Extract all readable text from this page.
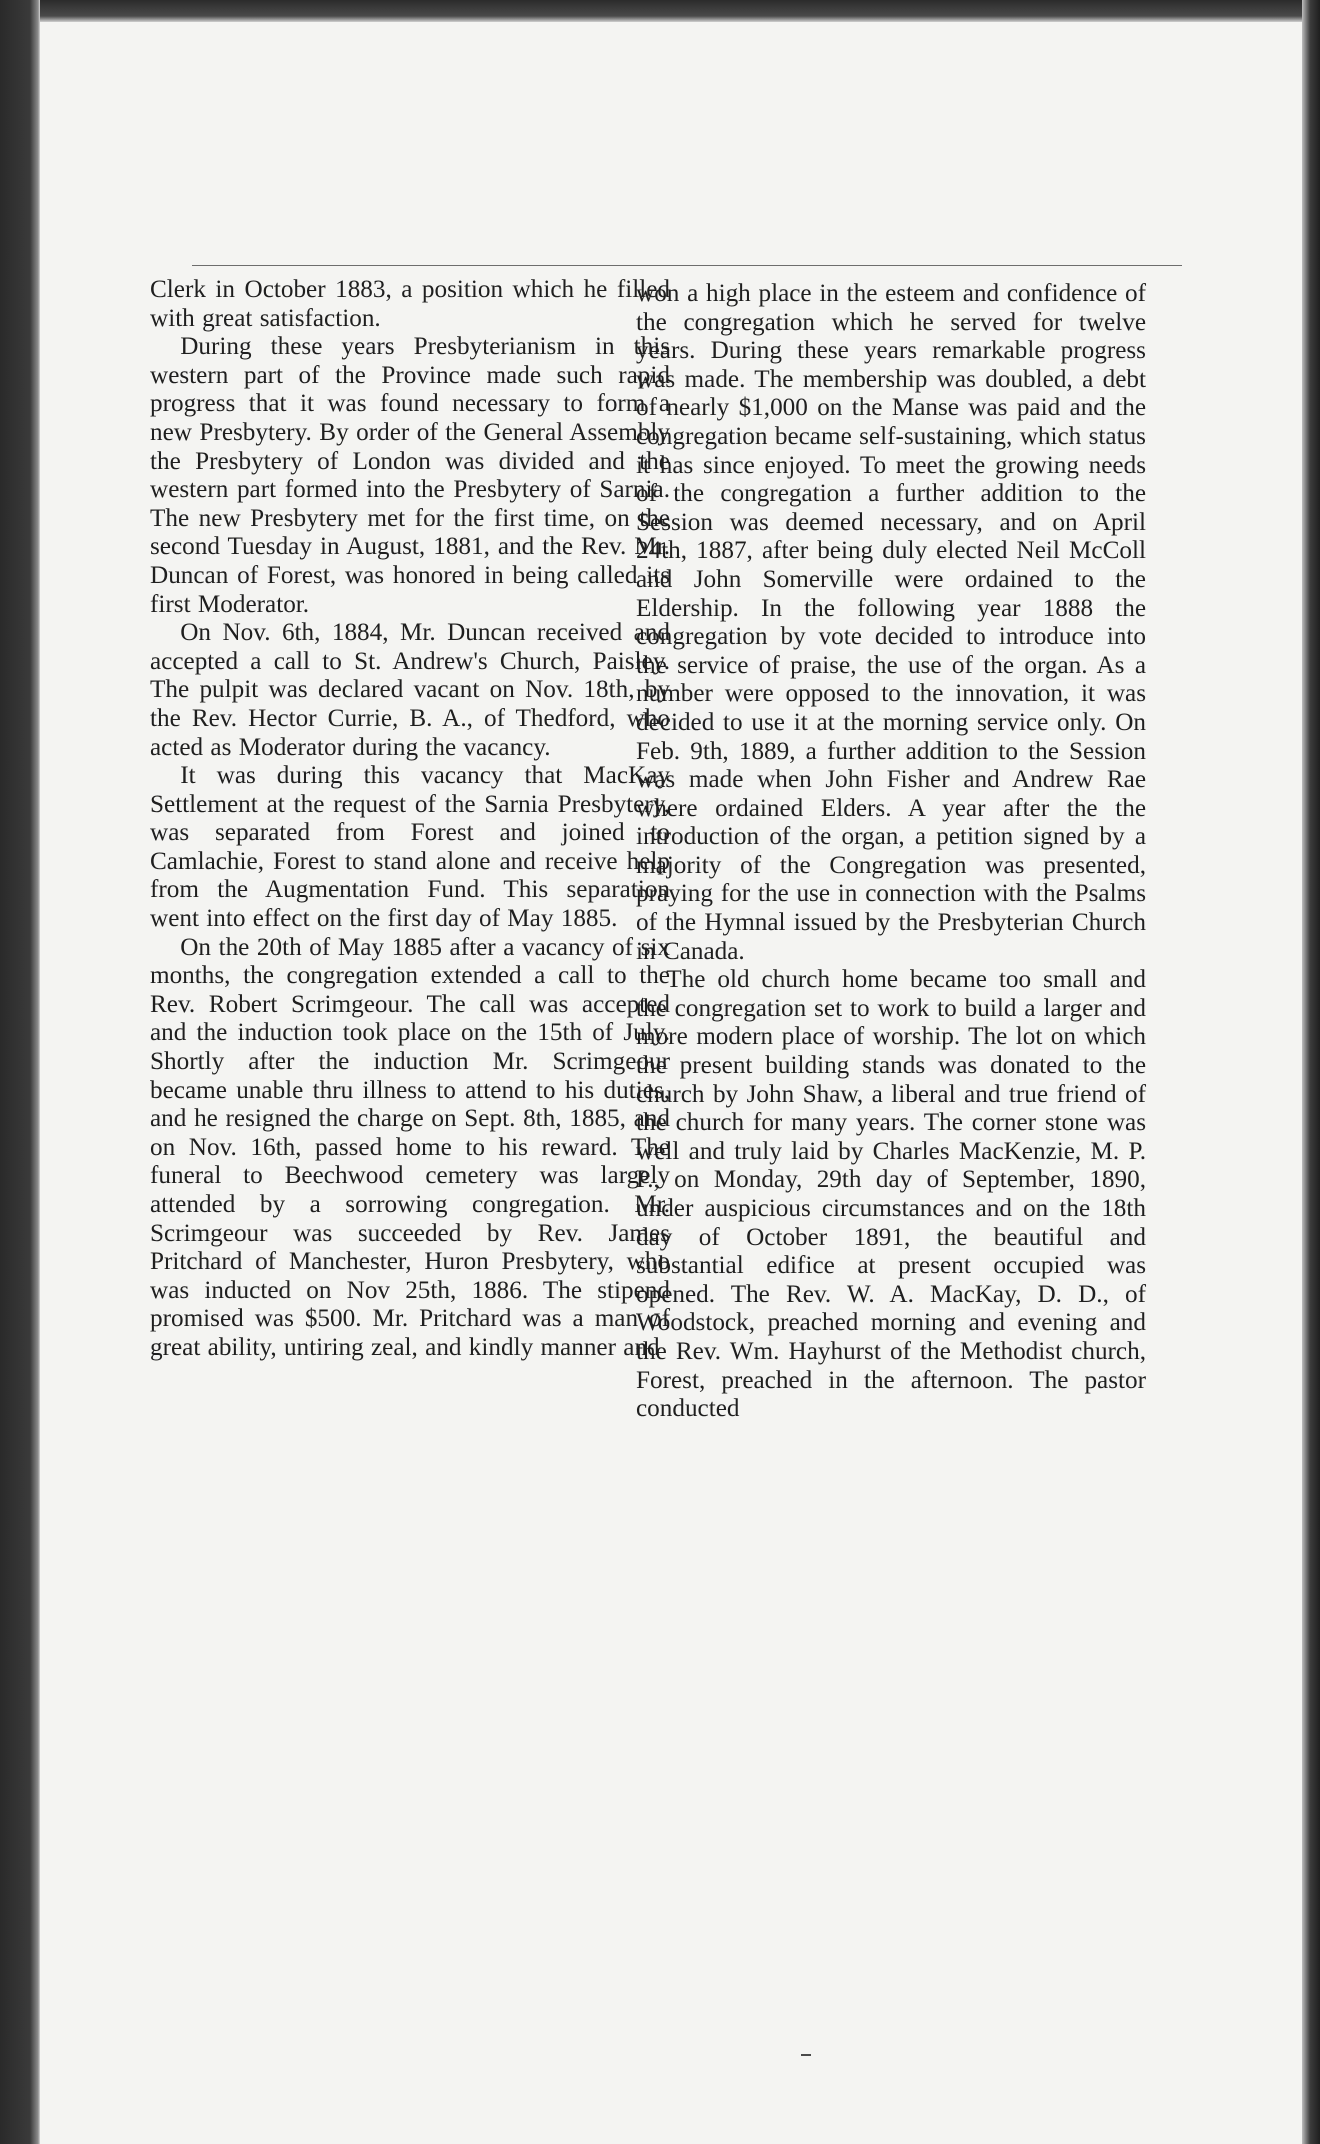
Clerk in October 1883, a position which he filled with great satisfaction.

During these years Presbyterianism in this western part of the Province made such rapid progress that it was found necessary to form a new Presbytery. By order of the General Assembly the Presbytery of London was divided and the western part formed into the Presbytery of Sarnia. The new Presbytery met for the first time, on the second Tuesday in August, 1881, and the Rev. Mr. Duncan of Forest, was honored in being called its first Moderator.

On Nov. 6th, 1884, Mr. Duncan received and accepted a call to St. Andrew's Church, Paisley. The pulpit was declared vacant on Nov. 18th, by the Rev. Hector Currie, B. A., of Thedford, who acted as Moderator during the vacancy.

It was during this vacancy that MacKay Settlement at the request of the Sarnia Presbytery, was separated from Forest and joined to Camlachie, Forest to stand alone and receive help from the Augmentation Fund. This separation went into effect on the first day of May 1885.

On the 20th of May 1885 after a vacancy of six months, the congregation extended a call to the Rev. Robert Scrimgeour. The call was accepted and the induction took place on the 15th of July. Shortly after the induction Mr. Scrimgeour became unable thru illness to attend to his duties, and he resigned the charge on Sept. 8th, 1885, and on Nov. 16th, passed home to his reward. The funeral to Beechwood cemetery was largely attended by a sorrowing congregation. Mr. Scrimgeour was succeeded by Rev. James Pritchard of Manchester, Huron Presbytery, who was inducted on Nov 25th, 1886. The stipend promised was $500. Mr. Pritchard was a man of great ability, untiring zeal, and kindly manner and

won a high place in the esteem and confidence of the congregation which he served for twelve years. During these years remarkable progress was made. The membership was doubled, a debt of nearly $1,000 on the Manse was paid and the congregation became self-sustaining, which status it has since enjoyed. To meet the growing needs of the congregation a further addition to the Session was deemed necessary, and on April 24th, 1887, after being duly elected Neil McColl and John Somerville were ordained to the Eldership. In the following year 1888 the congregation by vote decided to introduce into the service of praise, the use of the organ. As a number were opposed to the innovation, it was decided to use it at the morning service only. On Feb. 9th, 1889, a further addition to the Session was made when John Fisher and Andrew Rae where ordained Elders. A year after the the introduction of the organ, a petition signed by a majority of the Congregation was presented, praying for the use in connection with the Psalms of the Hymnal issued by the Presbyterian Church in Canada.

The old church home became too small and the congregation set to work to build a larger and more modern place of worship. The lot on which the present building stands was donated to the church by John Shaw, a liberal and true friend of the church for many years. The corner stone was well and truly laid by Charles MacKenzie, M. P. P., on Monday, 29th day of September, 1890, under auspicious circumstances and on the 18th day of October 1891, the beautiful and substantial edifice at present occupied was opened. The Rev. W. A. MacKay, D. D., of Woodstock, preached morning and evening and the Rev. Wm. Hayhurst of the Methodist church, Forest, preached in the afternoon. The pastor conducted
